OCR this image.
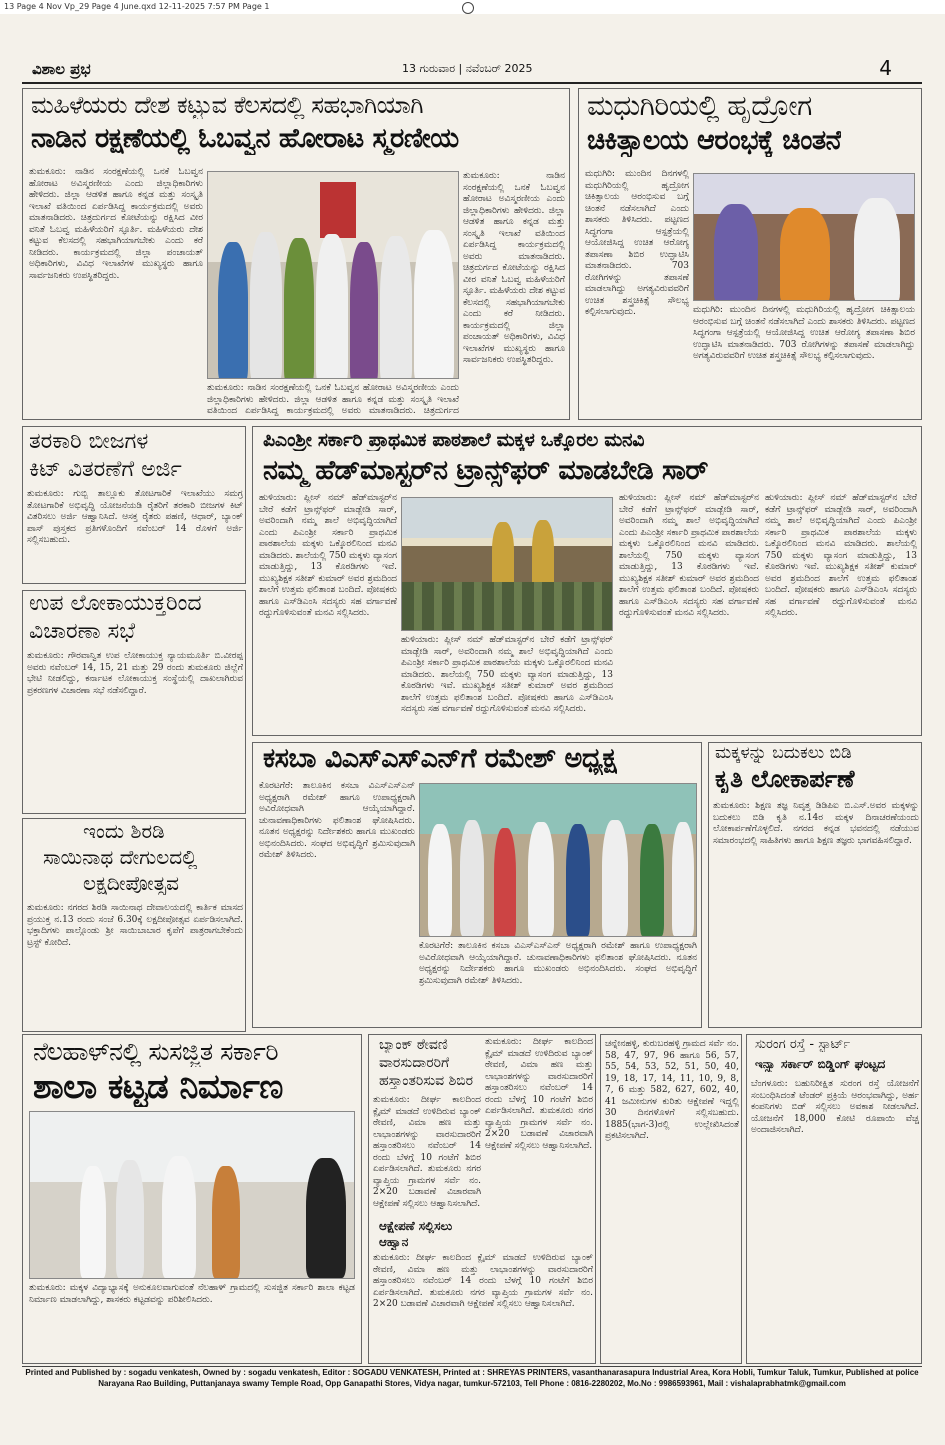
13 Page 4 Nov Vp_29 Page 4 June.qxd 12-11-2025 7:57 PM Page 1
ವಿಶಾಲ ಪ್ರಭ	13 ಗುರುವಾರ | ನವೆಂಬರ್ 2025	4
ಮಹಿಳೆಯರು ದೇಶ ಕಟ್ಟುವ ಕೆಲಸದಲ್ಲಿ ಸಹಭಾಗಿಯಾಗಿ
ನಾಡಿನ ರಕ್ಷಣೆಯಲ್ಲಿ ಓಬವ್ವನ ಹೋರಾಟ ಸ್ಮರಣೀಯ
ತುಮಕೂರು: ನಾಡಿನ ಸಂರಕ್ಷಣೆಯಲ್ಲಿ ಒನಕೆ ಓಬವ್ವನ ಹೋರಾಟ ಅವಿಸ್ಮರಣೀಯ ಎಂದು ಜಿಲ್ಲಾಧಿಕಾರಿಗಳು ಹೇಳಿದರು. ಜಿಲ್ಲಾ ಆಡಳಿತ ಹಾಗೂ ಕನ್ನಡ ಮತ್ತು ಸಂಸ್ಕೃತಿ ಇಲಾಖೆ ವತಿಯಿಂದ ಏರ್ಪಡಿಸಿದ್ದ ಕಾರ್ಯಕ್ರಮದಲ್ಲಿ ಅವರು ಮಾತನಾಡಿದರು. ಚಿತ್ರದುರ್ಗದ ಕೋಟೆಯನ್ನು ರಕ್ಷಿಸಿದ ವೀರ ವನಿತೆ ಓಬವ್ವ ಮಹಿಳೆಯರಿಗೆ ಸ್ಫೂರ್ತಿ. ಮಹಿಳೆಯರು ದೇಶ ಕಟ್ಟುವ ಕೆಲಸದಲ್ಲಿ ಸಹಭಾಗಿಯಾಗಬೇಕು ಎಂದು ಕರೆ ನೀಡಿದರು. ಕಾರ್ಯಕ್ರಮದಲ್ಲಿ ಜಿಲ್ಲಾ ಪಂಚಾಯತ್ ಅಧಿಕಾರಿಗಳು, ವಿವಿಧ ಇಲಾಖೆಗಳ ಮುಖ್ಯಸ್ಥರು ಹಾಗೂ ಸಾರ್ವಜನಿಕರು ಉಪಸ್ಥಿತರಿದ್ದರು.
ತುಮಕೂರು: ನಾಡಿನ ಸಂರಕ್ಷಣೆಯಲ್ಲಿ ಒನಕೆ ಓಬವ್ವನ ಹೋರಾಟ ಅವಿಸ್ಮರಣೀಯ ಎಂದು ಜಿಲ್ಲಾಧಿಕಾರಿಗಳು ಹೇಳಿದರು. ಜಿಲ್ಲಾ ಆಡಳಿತ ಹಾಗೂ ಕನ್ನಡ ಮತ್ತು ಸಂಸ್ಕೃತಿ ಇಲಾಖೆ ವತಿಯಿಂದ ಏರ್ಪಡಿಸಿದ್ದ ಕಾರ್ಯಕ್ರಮದಲ್ಲಿ ಅವರು ಮಾತನಾಡಿದರು. ಚಿತ್ರದುರ್ಗದ ಕೋಟೆಯನ್ನು ರಕ್ಷಿಸಿದ ವೀರ ವನಿತೆ ಓಬವ್ವ ಮಹಿಳೆಯರಿಗೆ ಸ್ಫೂರ್ತಿ. ಮಹಿಳೆಯರು ದೇಶ ಕಟ್ಟುವ ಕೆಲಸದಲ್ಲಿ ಸಹಭಾಗಿಯಾಗಬೇಕು ಎಂದು ಕರೆ ನೀಡಿದರು. ಕಾರ್ಯಕ್ರಮದಲ್ಲಿ ಜಿಲ್ಲಾ ಪಂಚಾಯತ್ ಅಧಿಕಾರಿಗಳು, ವಿವಿಧ ಇಲಾಖೆಗಳ ಮುಖ್ಯಸ್ಥರು ಹಾಗೂ ಸಾರ್ವಜನಿಕರು ಉಪಸ್ಥಿತರಿದ್ದರು.
ತುಮಕೂರು: ನಾಡಿನ ಸಂರಕ್ಷಣೆಯಲ್ಲಿ ಒನಕೆ ಓಬವ್ವನ ಹೋರಾಟ ಅವಿಸ್ಮರಣೀಯ ಎಂದು ಜಿಲ್ಲಾಧಿಕಾರಿಗಳು ಹೇಳಿದರು. ಜಿಲ್ಲಾ ಆಡಳಿತ ಹಾಗೂ ಕನ್ನಡ ಮತ್ತು ಸಂಸ್ಕೃತಿ ಇಲಾಖೆ ವತಿಯಿಂದ ಏರ್ಪಡಿಸಿದ್ದ ಕಾರ್ಯಕ್ರಮದಲ್ಲಿ ಅವರು ಮಾತನಾಡಿದರು. ಚಿತ್ರದುರ್ಗದ
ಮಧುಗಿರಿಯಲ್ಲಿ ಹೃದ್ರೋಗ
ಚಿಕಿತ್ಸಾಲಯ ಆರಂಭಕ್ಕೆ ಚಿಂತನೆ
ಮಧುಗಿರಿ: ಮುಂದಿನ ದಿನಗಳಲ್ಲಿ ಮಧುಗಿರಿಯಲ್ಲಿ ಹೃದ್ರೋಗ ಚಿಕಿತ್ಸಾಲಯ ಆರಂಭಿಸುವ ಬಗ್ಗೆ ಚಿಂತನೆ ನಡೆಸಲಾಗಿದೆ ಎಂದು ಶಾಸಕರು ತಿಳಿಸಿದರು. ಪಟ್ಟಣದ ಸಿದ್ಧಗಂಗಾ ಆಸ್ಪತ್ರೆಯಲ್ಲಿ ಆಯೋಜಿಸಿದ್ದ ಉಚಿತ ಆರೋಗ್ಯ ತಪಾಸಣಾ ಶಿಬಿರ ಉದ್ಘಾಟಿಸಿ ಮಾತನಾಡಿದರು. 703 ರೋಗಿಗಳನ್ನು ತಪಾಸಣೆ ಮಾಡಲಾಗಿದ್ದು ಅಗತ್ಯವಿರುವವರಿಗೆ ಉಚಿತ ಶಸ್ತ್ರಚಿಕಿತ್ಸೆ ಸೌಲಭ್ಯ ಕಲ್ಪಿಸಲಾಗುವುದು.	ಮಧುಗಿರಿ: ಮುಂದಿನ ದಿನಗಳಲ್ಲಿ ಮಧುಗಿರಿಯಲ್ಲಿ ಹೃದ್ರೋಗ ಚಿಕಿತ್ಸಾಲಯ ಆರಂಭಿಸುವ ಬಗ್ಗೆ ಚಿಂತನೆ ನಡೆಸಲಾಗಿದೆ ಎಂದು ಶಾಸಕರು ತಿಳಿಸಿದರು. ಪಟ್ಟಣದ ಸಿದ್ಧಗಂಗಾ ಆಸ್ಪತ್ರೆಯಲ್ಲಿ ಆಯೋಜಿಸಿದ್ದ ಉಚಿತ ಆರೋಗ್ಯ ತಪಾಸಣಾ ಶಿಬಿರ ಉದ್ಘಾಟಿಸಿ ಮಾತನಾಡಿದರು. 703 ರೋಗಿಗಳನ್ನು ತಪಾಸಣೆ ಮಾಡಲಾಗಿದ್ದು ಅಗತ್ಯವಿರುವವರಿಗೆ ಉಚಿತ ಶಸ್ತ್ರಚಿಕಿತ್ಸೆ ಸೌಲಭ್ಯ ಕಲ್ಪಿಸಲಾಗುವುದು.
ತರಕಾರಿ ಬೀಜಗಳ
ಕಿಟ್ ವಿತರಣೆಗೆ ಅರ್ಜಿ
ತುಮಕೂರು: ಗುಬ್ಬಿ ತಾಲ್ಲೂಕು ತೋಟಗಾರಿಕೆ ಇಲಾಖೆಯು ಸಮಗ್ರ ತೋಟಗಾರಿಕೆ ಅಭಿವೃದ್ಧಿ ಯೋಜನೆಯಡಿ ರೈತರಿಗೆ ತರಕಾರಿ ಬೀಜಗಳ ಕಿಟ್ ವಿತರಿಸಲು ಅರ್ಜಿ ಆಹ್ವಾನಿಸಿದೆ. ಆಸಕ್ತ ರೈತರು ಪಹಣಿ, ಆಧಾರ್, ಬ್ಯಾಂಕ್ ಪಾಸ್ ಪುಸ್ತಕದ ಪ್ರತಿಗಳೊಂದಿಗೆ ನವೆಂಬರ್ 14 ರೊಳಗೆ ಅರ್ಜಿ ಸಲ್ಲಿಸಬಹುದು.
ಉಪ ಲೋಕಾಯುಕ್ತರಿಂದ
ವಿಚಾರಣಾ ಸಭೆ
ತುಮಕೂರು: ಗೌರವಾನ್ವಿತ ಉಪ ಲೋಕಾಯುಕ್ತ ನ್ಯಾಯಮೂರ್ತಿ ಬಿ.ವೀರಪ್ಪ ಅವರು ನವೆಂಬರ್ 14, 15, 21 ಮತ್ತು 29 ರಂದು ತುಮಕೂರು ಜಿಲ್ಲೆಗೆ ಭೇಟಿ ನೀಡಲಿದ್ದು, ಕರ್ನಾಟಕ ಲೋಕಾಯುಕ್ತ ಸಂಸ್ಥೆಯಲ್ಲಿ ದಾಖಲಾಗಿರುವ ಪ್ರಕರಣಗಳ ವಿಚಾರಣಾ ಸಭೆ ನಡೆಸಲಿದ್ದಾರೆ.
ಇಂದು ಶಿರಡಿ
ಸಾಯಿನಾಥ ದೇಗುಲದಲ್ಲಿ
ಲಕ್ಷದೀಪೋತ್ಸವ
ತುಮಕೂರು: ನಗರದ ಶಿರಡಿ ಸಾಯಿನಾಥ ದೇವಾಲಯದಲ್ಲಿ ಕಾರ್ತಿಕ ಮಾಸದ ಪ್ರಯುಕ್ತ ನ.13 ರಂದು ಸಂಜೆ 6.30ಕ್ಕೆ ಲಕ್ಷದೀಪೋತ್ಸವ ಏರ್ಪಡಿಸಲಾಗಿದೆ. ಭಕ್ತಾದಿಗಳು ಪಾಲ್ಗೊಂಡು ಶ್ರೀ ಸಾಯಿಬಾಬಾರ ಕೃಪೆಗೆ ಪಾತ್ರರಾಗಬೇಕೆಂದು ಟ್ರಸ್ಟ್ ಕೋರಿದೆ.
ಪಿಎಂಶ್ರೀ ಸರ್ಕಾರಿ ಪ್ರಾಥಮಿಕ ಪಾಠಶಾಲೆ ಮಕ್ಕಳ ಒಕ್ಕೊರಲ ಮನವಿ
ನಮ್ಮ ಹೆಡ್‌ಮಾಸ್ಟರ್‌ನ ಟ್ರಾನ್ಸ್‌ಫರ್ ಮಾಡಬೇಡಿ ಸಾರ್
ಹುಳಿಯಾರು: ಪ್ಲೀಸ್ ನಮ್ ಹೆಡ್‌ಮಾಸ್ಟರ್‌ನ ಬೇರೆ ಕಡೆಗೆ ಟ್ರಾನ್ಸ್‌ಫರ್ ಮಾಡ್ಬೇಡಿ ಸಾರ್, ಅವರಿಂದಾಗಿ ನಮ್ಮ ಶಾಲೆ ಅಭಿವೃದ್ಧಿಯಾಗಿದೆ ಎಂದು ಪಿಎಂಶ್ರೀ ಸರ್ಕಾರಿ ಪ್ರಾಥಮಿಕ ಪಾಠಶಾಲೆಯ ಮಕ್ಕಳು ಒಕ್ಕೊರಲಿನಿಂದ ಮನವಿ ಮಾಡಿದರು. ಶಾಲೆಯಲ್ಲಿ 750 ಮಕ್ಕಳು ವ್ಯಾಸಂಗ ಮಾಡುತ್ತಿದ್ದು, 13 ಕೊಠಡಿಗಳು ಇವೆ. ಮುಖ್ಯಶಿಕ್ಷಕ ಸತೀಶ್ ಕುಮಾರ್ ಅವರ ಶ್ರಮದಿಂದ ಶಾಲೆಗೆ ಉತ್ತಮ ಫಲಿತಾಂಶ ಬಂದಿದೆ. ಪೋಷಕರು ಹಾಗೂ ಎಸ್‌ಡಿಎಂಸಿ ಸದಸ್ಯರು ಸಹ ವರ್ಗಾವಣೆ ರದ್ದುಗೊಳಿಸುವಂತೆ ಮನವಿ ಸಲ್ಲಿಸಿದರು.
ಹುಳಿಯಾರು: ಪ್ಲೀಸ್ ನಮ್ ಹೆಡ್‌ಮಾಸ್ಟರ್‌ನ ಬೇರೆ ಕಡೆಗೆ ಟ್ರಾನ್ಸ್‌ಫರ್ ಮಾಡ್ಬೇಡಿ ಸಾರ್, ಅವರಿಂದಾಗಿ ನಮ್ಮ ಶಾಲೆ ಅಭಿವೃದ್ಧಿಯಾಗಿದೆ ಎಂದು ಪಿಎಂಶ್ರೀ ಸರ್ಕಾರಿ ಪ್ರಾಥಮಿಕ ಪಾಠಶಾಲೆಯ ಮಕ್ಕಳು ಒಕ್ಕೊರಲಿನಿಂದ ಮನವಿ ಮಾಡಿದರು. ಶಾಲೆಯಲ್ಲಿ 750 ಮಕ್ಕಳು ವ್ಯಾಸಂಗ ಮಾಡುತ್ತಿದ್ದು, 13 ಕೊಠಡಿಗಳು ಇವೆ. ಮುಖ್ಯಶಿಕ್ಷಕ ಸತೀಶ್ ಕುಮಾರ್ ಅವರ ಶ್ರಮದಿಂದ ಶಾಲೆಗೆ ಉತ್ತಮ ಫಲಿತಾಂಶ ಬಂದಿದೆ. ಪೋಷಕರು ಹಾಗೂ ಎಸ್‌ಡಿಎಂಸಿ ಸದಸ್ಯರು ಸಹ ವರ್ಗಾವಣೆ ರದ್ದುಗೊಳಿಸುವಂತೆ ಮನವಿ ಸಲ್ಲಿಸಿದರು.
ಹುಳಿಯಾರು: ಪ್ಲೀಸ್ ನಮ್ ಹೆಡ್‌ಮಾಸ್ಟರ್‌ನ ಬೇರೆ ಕಡೆಗೆ ಟ್ರಾನ್ಸ್‌ಫರ್ ಮಾಡ್ಬೇಡಿ ಸಾರ್, ಅವರಿಂದಾಗಿ ನಮ್ಮ ಶಾಲೆ ಅಭಿವೃದ್ಧಿಯಾಗಿದೆ ಎಂದು ಪಿಎಂಶ್ರೀ ಸರ್ಕಾರಿ ಪ್ರಾಥಮಿಕ ಪಾಠಶಾಲೆಯ ಮಕ್ಕಳು ಒಕ್ಕೊರಲಿನಿಂದ ಮನವಿ ಮಾಡಿದರು. ಶಾಲೆಯಲ್ಲಿ 750 ಮಕ್ಕಳು ವ್ಯಾಸಂಗ ಮಾಡುತ್ತಿದ್ದು, 13 ಕೊಠಡಿಗಳು ಇವೆ. ಮುಖ್ಯಶಿಕ್ಷಕ ಸತೀಶ್ ಕುಮಾರ್ ಅವರ ಶ್ರಮದಿಂದ ಶಾಲೆಗೆ ಉತ್ತಮ ಫಲಿತಾಂಶ ಬಂದಿದೆ. ಪೋಷಕರು ಹಾಗೂ ಎಸ್‌ಡಿಎಂಸಿ ಸದಸ್ಯರು ಸಹ ವರ್ಗಾವಣೆ ರದ್ದುಗೊಳಿಸುವಂತೆ ಮನವಿ ಸಲ್ಲಿಸಿದರು.
ಹುಳಿಯಾರು: ಪ್ಲೀಸ್ ನಮ್ ಹೆಡ್‌ಮಾಸ್ಟರ್‌ನ ಬೇರೆ ಕಡೆಗೆ ಟ್ರಾನ್ಸ್‌ಫರ್ ಮಾಡ್ಬೇಡಿ ಸಾರ್, ಅವರಿಂದಾಗಿ ನಮ್ಮ ಶಾಲೆ ಅಭಿವೃದ್ಧಿಯಾಗಿದೆ ಎಂದು ಪಿಎಂಶ್ರೀ ಸರ್ಕಾರಿ ಪ್ರಾಥಮಿಕ ಪಾಠಶಾಲೆಯ ಮಕ್ಕಳು ಒಕ್ಕೊರಲಿನಿಂದ ಮನವಿ ಮಾಡಿದರು. ಶಾಲೆಯಲ್ಲಿ 750 ಮಕ್ಕಳು ವ್ಯಾಸಂಗ ಮಾಡುತ್ತಿದ್ದು, 13 ಕೊಠಡಿಗಳು ಇವೆ. ಮುಖ್ಯಶಿಕ್ಷಕ ಸತೀಶ್ ಕುಮಾರ್ ಅವರ ಶ್ರಮದಿಂದ ಶಾಲೆಗೆ ಉತ್ತಮ ಫಲಿತಾಂಶ ಬಂದಿದೆ. ಪೋಷಕರು ಹಾಗೂ ಎಸ್‌ಡಿಎಂಸಿ ಸದಸ್ಯರು ಸಹ ವರ್ಗಾವಣೆ ರದ್ದುಗೊಳಿಸುವಂತೆ ಮನವಿ ಸಲ್ಲಿಸಿದರು.
ಕಸಬಾ ವಿಎಸ್‌ಎಸ್‌ಎನ್‌ಗೆ ರಮೇಶ್ ಅಧ್ಯಕ್ಷ
ಕೊರಟಗೆರೆ: ತಾಲೂಕಿನ ಕಸಬಾ ವಿಎಸ್‌ಎಸ್‌ಎನ್ ಅಧ್ಯಕ್ಷರಾಗಿ ರಮೇಶ್ ಹಾಗೂ ಉಪಾಧ್ಯಕ್ಷರಾಗಿ ಅವಿರೋಧವಾಗಿ ಆಯ್ಕೆಯಾಗಿದ್ದಾರೆ. ಚುನಾವಣಾಧಿಕಾರಿಗಳು ಫಲಿತಾಂಶ ಘೋಷಿಸಿದರು. ನೂತನ ಅಧ್ಯಕ್ಷರನ್ನು ನಿರ್ದೇಶಕರು ಹಾಗೂ ಮುಖಂಡರು ಅಭಿನಂದಿಸಿದರು. ಸಂಘದ ಅಭಿವೃದ್ಧಿಗೆ ಶ್ರಮಿಸುವುದಾಗಿ ರಮೇಶ್ ತಿಳಿಸಿದರು.
ಕೊರಟಗೆರೆ: ತಾಲೂಕಿನ ಕಸಬಾ ವಿಎಸ್‌ಎಸ್‌ಎನ್ ಅಧ್ಯಕ್ಷರಾಗಿ ರಮೇಶ್ ಹಾಗೂ ಉಪಾಧ್ಯಕ್ಷರಾಗಿ ಅವಿರೋಧವಾಗಿ ಆಯ್ಕೆಯಾಗಿದ್ದಾರೆ. ಚುನಾವಣಾಧಿಕಾರಿಗಳು ಫಲಿತಾಂಶ ಘೋಷಿಸಿದರು. ನೂತನ ಅಧ್ಯಕ್ಷರನ್ನು ನಿರ್ದೇಶಕರು ಹಾಗೂ ಮುಖಂಡರು ಅಭಿನಂದಿಸಿದರು. ಸಂಘದ ಅಭಿವೃದ್ಧಿಗೆ ಶ್ರಮಿಸುವುದಾಗಿ ರಮೇಶ್ ತಿಳಿಸಿದರು.
ಮಕ್ಕಳನ್ನು ಬದುಕಲು ಬಿಡಿ
ಕೃತಿ ಲೋಕಾರ್ಪಣೆ
ತುಮಕೂರು: ಶಿಕ್ಷಣ ತಜ್ಞ ನಿವೃತ್ತ ಡಿಡಿಪಿಐ ಬಿ.ಎಸ್.ಅವರ ಮಕ್ಕಳನ್ನು ಬದುಕಲು ಬಿಡಿ ಕೃತಿ ನ.14ರ ಮಕ್ಕಳ ದಿನಾಚರಣೆಯಂದು ಲೋಕಾರ್ಪಣೆಗೊಳ್ಳಲಿದೆ. ನಗರದ ಕನ್ನಡ ಭವನದಲ್ಲಿ ನಡೆಯುವ ಸಮಾರಂಭದಲ್ಲಿ ಸಾಹಿತಿಗಳು ಹಾಗೂ ಶಿಕ್ಷಣ ತಜ್ಞರು ಭಾಗವಹಿಸಲಿದ್ದಾರೆ.
ನೆಲಹಾಳ್‌ನಲ್ಲಿ ಸುಸಜ್ಜಿತ ಸರ್ಕಾರಿ
ಶಾಲಾ ಕಟ್ಟಡ ನಿರ್ಮಾಣ
ತುಮಕೂರು: ಮಕ್ಕಳ ವಿದ್ಯಾಭ್ಯಾಸಕ್ಕೆ ಅನುಕೂಲವಾಗುವಂತೆ ನೆಲಹಾಳ್ ಗ್ರಾಮದಲ್ಲಿ ಸುಸಜ್ಜಿತ ಸರ್ಕಾರಿ ಶಾಲಾ ಕಟ್ಟಡ ನಿರ್ಮಾಣ ಮಾಡಲಾಗಿದ್ದು, ಶಾಸಕರು ಕಟ್ಟಡವನ್ನು ಪರಿಶೀಲಿಸಿದರು.
ಬ್ಯಾಂಕ್ ಠೇವಣಿ
ವಾರಸುದಾರರಿಗೆ
ಹಸ್ತಾಂತರಿಸುವ ಶಿಬಿರ
ತುಮಕೂರು: ದೀರ್ಘ ಕಾಲದಿಂದ ಕ್ಲೈಮ್ ಮಾಡದೆ ಉಳಿದಿರುವ ಬ್ಯಾಂಕ್ ಠೇವಣಿ, ವಿಮಾ ಹಣ ಮತ್ತು ಲಾಭಾಂಶಗಳನ್ನು ವಾರಸುದಾರರಿಗೆ ಹಸ್ತಾಂತರಿಸಲು ನವೆಂಬರ್ 14 ರಂದು ಬೆಳಗ್ಗೆ 10 ಗಂಟೆಗೆ ಶಿಬಿರ ಏರ್ಪಡಿಸಲಾಗಿದೆ. ತುಮಕೂರು ನಗರ ವ್ಯಾಪ್ತಿಯ ಗ್ರಾಮಗಳ ಸರ್ವೆ ನಂ. 2×20 ಬಡಾವಣೆ ವಿಚಾರವಾಗಿ ಆಕ್ಷೇಪಣೆ ಸಲ್ಲಿಸಲು ಆಹ್ವಾನಿಸಲಾಗಿದೆ.
ತುಮಕೂರು: ದೀರ್ಘ ಕಾಲದಿಂದ ಕ್ಲೈಮ್ ಮಾಡದೆ ಉಳಿದಿರುವ ಬ್ಯಾಂಕ್ ಠೇವಣಿ, ವಿಮಾ ಹಣ ಮತ್ತು ಲಾಭಾಂಶಗಳನ್ನು ವಾರಸುದಾರರಿಗೆ ಹಸ್ತಾಂತರಿಸಲು ನವೆಂಬರ್ 14 ರಂದು ಬೆಳಗ್ಗೆ 10 ಗಂಟೆಗೆ ಶಿಬಿರ ಏರ್ಪಡಿಸಲಾಗಿದೆ. ತುಮಕೂರು ನಗರ ವ್ಯಾಪ್ತಿಯ ಗ್ರಾಮಗಳ ಸರ್ವೆ ನಂ. 2×20 ಬಡಾವಣೆ ವಿಚಾರವಾಗಿ ಆಕ್ಷೇಪಣೆ ಸಲ್ಲಿಸಲು ಆಹ್ವಾನಿಸಲಾಗಿದೆ.
ಆಕ್ಷೇಪಣೆ ಸಲ್ಲಿಸಲು
ಆಹ್ವಾನ
ತುಮಕೂರು: ದೀರ್ಘ ಕಾಲದಿಂದ ಕ್ಲೈಮ್ ಮಾಡದೆ ಉಳಿದಿರುವ ಬ್ಯಾಂಕ್ ಠೇವಣಿ, ವಿಮಾ ಹಣ ಮತ್ತು ಲಾಭಾಂಶಗಳನ್ನು ವಾರಸುದಾರರಿಗೆ ಹಸ್ತಾಂತರಿಸಲು ನವೆಂಬರ್ 14 ರಂದು ಬೆಳಗ್ಗೆ 10 ಗಂಟೆಗೆ ಶಿಬಿರ ಏರ್ಪಡಿಸಲಾಗಿದೆ. ತುಮಕೂರು ನಗರ ವ್ಯಾಪ್ತಿಯ ಗ್ರಾಮಗಳ ಸರ್ವೆ ನಂ. 2×20 ಬಡಾವಣೆ ವಿಚಾರವಾಗಿ ಆಕ್ಷೇಪಣೆ ಸಲ್ಲಿಸಲು ಆಹ್ವಾನಿಸಲಾಗಿದೆ.
ಚನ್ನೇನಹಳ್ಳಿ, ಕುರುಬರಹಳ್ಳಿ ಗ್ರಾಮದ ಸರ್ವೆ ನಂ. 58, 47, 97, 96 ಹಾಗೂ 56, 57, 55, 54, 53, 52, 51, 50, 40, 19, 18, 17, 14, 11, 10, 9, 8, 7, 6 ಮತ್ತು 582, 627, 602, 40, 41 ಜಮೀನುಗಳ ಕುರಿತು ಆಕ್ಷೇಪಣೆ ಇದ್ದಲ್ಲಿ 30 ದಿನಗಳೊಳಗೆ ಸಲ್ಲಿಸಬಹುದು. 1885(ಭಾಗ-3)ರಲ್ಲಿ ಉಲ್ಲೇಖಿಸಿದಂತೆ ಪ್ರಕಟಿಸಲಾಗಿದೆ.
ಸುರಂಗ ರಸ್ತೆ - ಸ್ಟಾರ್ಟ್
ಇನ್ಸ್ಟಾ ಸರ್ಕಾರ್ ಬಿಡ್ಡಿಂಗ್ ಘಂಟ್ಟದ
ಬೆಂಗಳೂರು: ಬಹುನಿರೀಕ್ಷಿತ ಸುರಂಗ ರಸ್ತೆ ಯೋಜನೆಗೆ ಸಂಬಂಧಿಸಿದಂತೆ ಟೆಂಡರ್ ಪ್ರಕ್ರಿಯೆ ಆರಂಭವಾಗಿದ್ದು, ಅರ್ಹ ಕಂಪನಿಗಳು ಬಿಡ್ ಸಲ್ಲಿಸಲು ಅವಕಾಶ ನೀಡಲಾಗಿದೆ. ಯೋಜನೆಗೆ 18,000 ಕೋಟಿ ರೂಪಾಯಿ ವೆಚ್ಚ ಅಂದಾಜಿಸಲಾಗಿದೆ.
Printed and Published by : sogadu venkatesh, Owned by : sogadu venkatesh, Editor : SOGADU VENKATESH, Printed at : SHREYAS PRINTERS, vasanthanarasapura Industrial Area, Kora Hobli, Tumkur Taluk, Tumkur, Published at police
Narayana Rao Building, Puttanjanaya swamy Temple Road, Opp Ganapathi Stores, Vidya nagar, tumkur-572103, Tell Phone : 0816-2280202, Mo.No : 9986593961, Mail : vishalaprabhatmk@gmail.com
